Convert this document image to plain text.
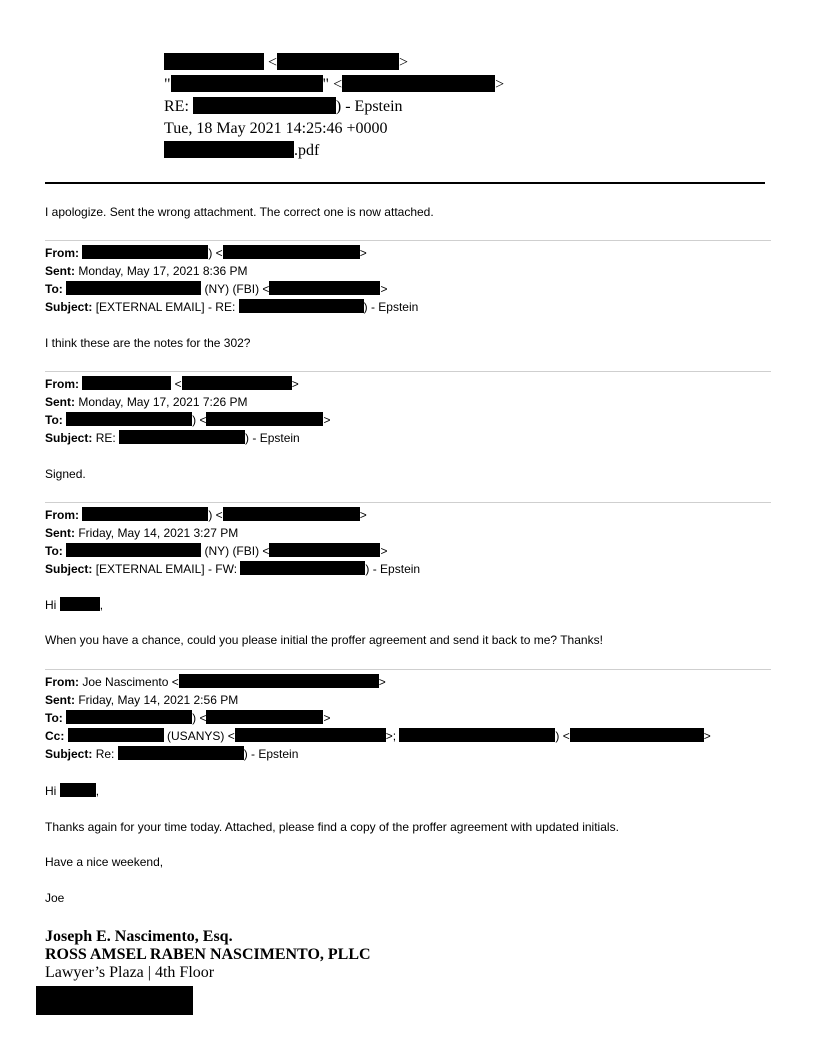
<	>
"	" <	>
RE:	) - Epstein
Tue, 18 May 2021 14:25:46 +0000
.pdf
I apologize. Sent the wrong attachment. The correct one is now attached.
From:	) <	>
Sent: Monday, May 17, 2021 8:36 PM
To:	(NY) (FBI) <	>
Subject: [EXTERNAL EMAIL] - RE:	) - Epstein
I think these are the notes for the 302?
From:	<	>
Sent: Monday, May 17, 2021 7:26 PM
To:	) <	>
Subject: RE:	) - Epstein
Signed.
From:	) <	>
Sent: Friday, May 14, 2021 3:27 PM
To:	(NY) (FBI) <	>
Subject: [EXTERNAL EMAIL] - FW:	) - Epstein
Hi	,
When you have a chance, could you please initial the proffer agreement and send it back to me? Thanks!
From: Joe Nascimento <	>
Sent: Friday, May 14, 2021 2:56 PM
To:	) <	>
Cc:	(USANYS) <	>;	) <	>
Subject: Re:	) - Epstein
Hi	,
Thanks again for your time today. Attached, please find a copy of the proffer agreement with updated initials.
Have a nice weekend,
Joe
Joseph E. Nascimento, Esq.
ROSS AMSEL RABEN NASCIMENTO, PLLC
Lawyer’s Plaza | 4th Floor
